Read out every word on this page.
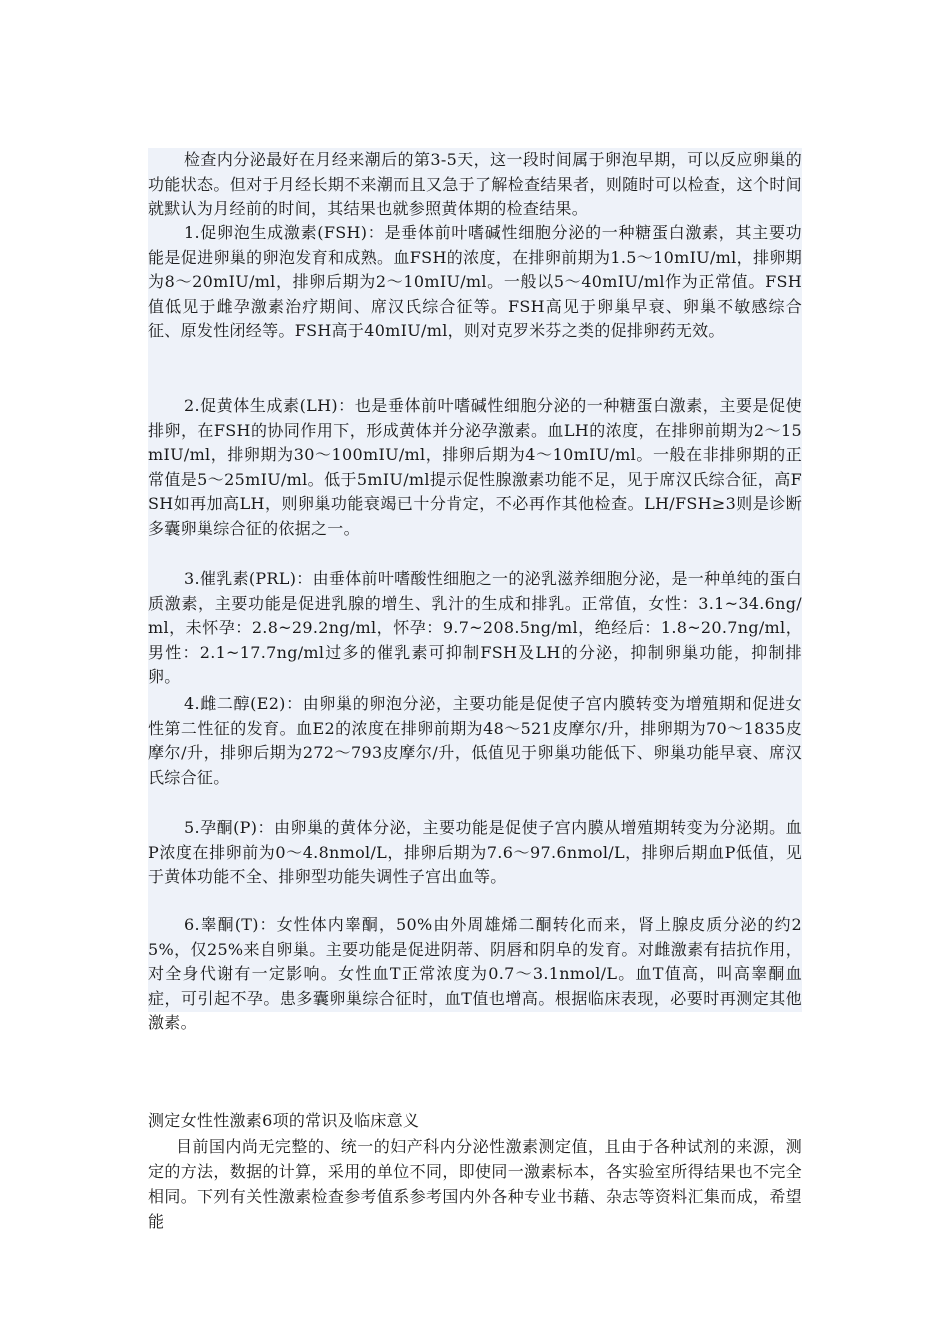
检查内分泌最好在月经来潮后的第3-5天，这一段时间属于卵泡早期，可以反应卵巢的功能状态。但对于月经长期不来潮而且又急于了解检查结果者，则随时可以检查，这个时间就默认为月经前的时间，其结果也就参照黄体期的检查结果。

1.促卵泡生成激素(FSH)：是垂体前叶嗜碱性细胞分泌的一种糖蛋白激素，其主要功能是促进卵巢的卵泡发育和成熟。血FSH的浓度，在排卵前期为1.5～10mIU/ml，排卵期为8～20mIU/ml，排卵后期为2～10mIU/ml。一般以5～40mIU/ml作为正常值。FSH值低见于雌孕激素治疗期间、席汉氏综合征等。FSH高见于卵巢早衰、卵巢不敏感综合征、原发性闭经等。FSH高于40mIU/ml，则对克罗米芬之类的促排卵药无效。

2.促黄体生成素(LH)：也是垂体前叶嗜碱性细胞分泌的一种糖蛋白激素，主要是促使排卵，在FSH的协同作用下，形成黄体并分泌孕激素。血LH的浓度，在排卵前期为2～15mIU/ml，排卵期为30～100mIU/ml，排卵后期为4～10mIU/ml。一般在非排卵期的正常值是5～25mIU/ml。低于5mIU/ml提示促性腺激素功能不足，见于席汉氏综合征，高FSH如再加高LH，则卵巢功能衰竭已十分肯定，不必再作其他检查。LH/FSH≥3则是诊断多囊卵巢综合征的依据之一。

3.催乳素(PRL)：由垂体前叶嗜酸性细胞之一的泌乳滋养细胞分泌，是一种单纯的蛋白质激素，主要功能是促进乳腺的增生、乳汁的生成和排乳。正常值，女性：3.1~34.6ng/ml，未怀孕：2.8~29.2ng/ml，怀孕：9.7~208.5ng/ml，绝经后：1.8~20.7ng/ml，男性：2.1~17.7ng/ml过多的催乳素可抑制FSH及LH的分泌，抑制卵巢功能，抑制排卵。

4.雌二醇(E2)：由卵巢的卵泡分泌，主要功能是促使子宫内膜转变为增殖期和促进女性第二性征的发育。血E2的浓度在排卵前期为48～521皮摩尔/升，排卵期为70～1835皮摩尔/升，排卵后期为272～793皮摩尔/升，低值见于卵巢功能低下、卵巢功能早衰、席汉氏综合征。

5.孕酮(P)：由卵巢的黄体分泌，主要功能是促使子宫内膜从增殖期转变为分泌期。血P浓度在排卵前为0～4.8nmol/L，排卵后期为7.6～97.6nmol/L，排卵后期血P低值，见于黄体功能不全、排卵型功能失调性子宫出血等。

6.睾酮(T)：女性体内睾酮，50%由外周雄烯二酮转化而来，肾上腺皮质分泌的约25%，仅25%来自卵巢。主要功能是促进阴蒂、阴唇和阴阜的发育。对雌激素有拮抗作用，对全身代谢有一定影响。女性血T正常浓度为0.7～3.1nmol/L。血T值高，叫高睾酮血症，可引起不孕。患多囊卵巢综合征时，血T值也增高。根据临床表现，必要时再测定其他激素。

测定女性性激素6项的常识及临床意义

目前国内尚无完整的、统一的妇产科内分泌性激素测定值，且由于各种试剂的来源，测定的方法，数据的计算，采用的单位不同，即使同一激素标本，各实验室所得结果也不完全相同。下列有关性激素检查参考值系参考国内外各种专业书藉、杂志等资料汇集而成，希望能
